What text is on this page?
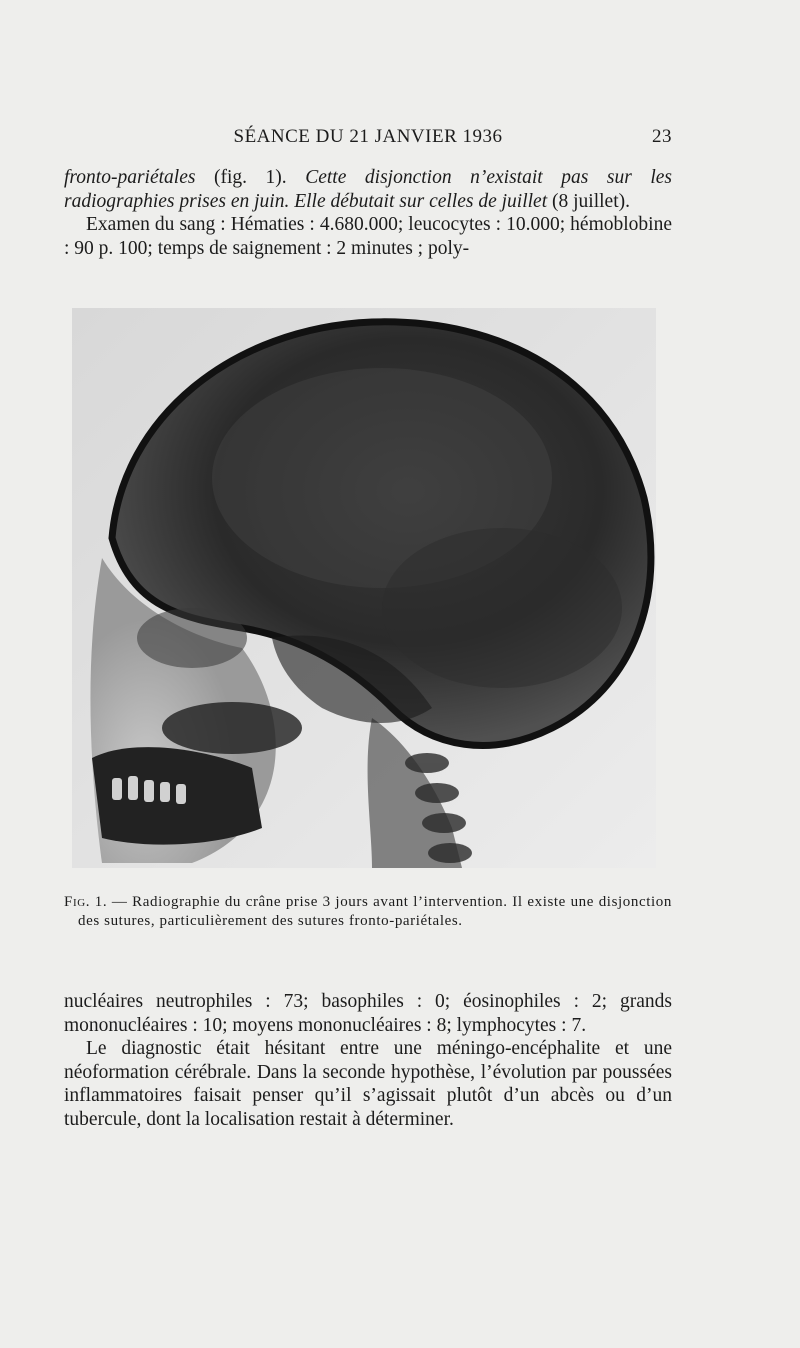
SÉANCE DU 21 JANVIER 1936	23

fronto-pariétales (fig. 1). Cette disjonction n’existait pas sur les radiographies prises en juin. Elle débutait sur celles de juillet (8 juillet).

Examen du sang : Hématies : 4.680.000; leucocytes : 10.000; hémoblobine : 90 p. 100; temps de saignement : 2 minutes ; poly-

Fig. 1. — Radiographie du crâne prise 3 jours avant l’intervention. Il existe une disjonction des sutures, particulièrement des sutures fronto-pariétales.

nucléaires neutrophiles : 73; basophiles : 0; éosinophiles : 2; grands mononucléaires : 10; moyens mononucléaires : 8; lymphocytes : 7.

Le diagnostic était hésitant entre une méningo-encéphalite et une néoformation cérébrale. Dans la seconde hypothèse, l’évolution par poussées inflammatoires faisait penser qu’il s’agissait plutôt d’un abcès ou d’un tubercule, dont la localisation restait à déterminer.
